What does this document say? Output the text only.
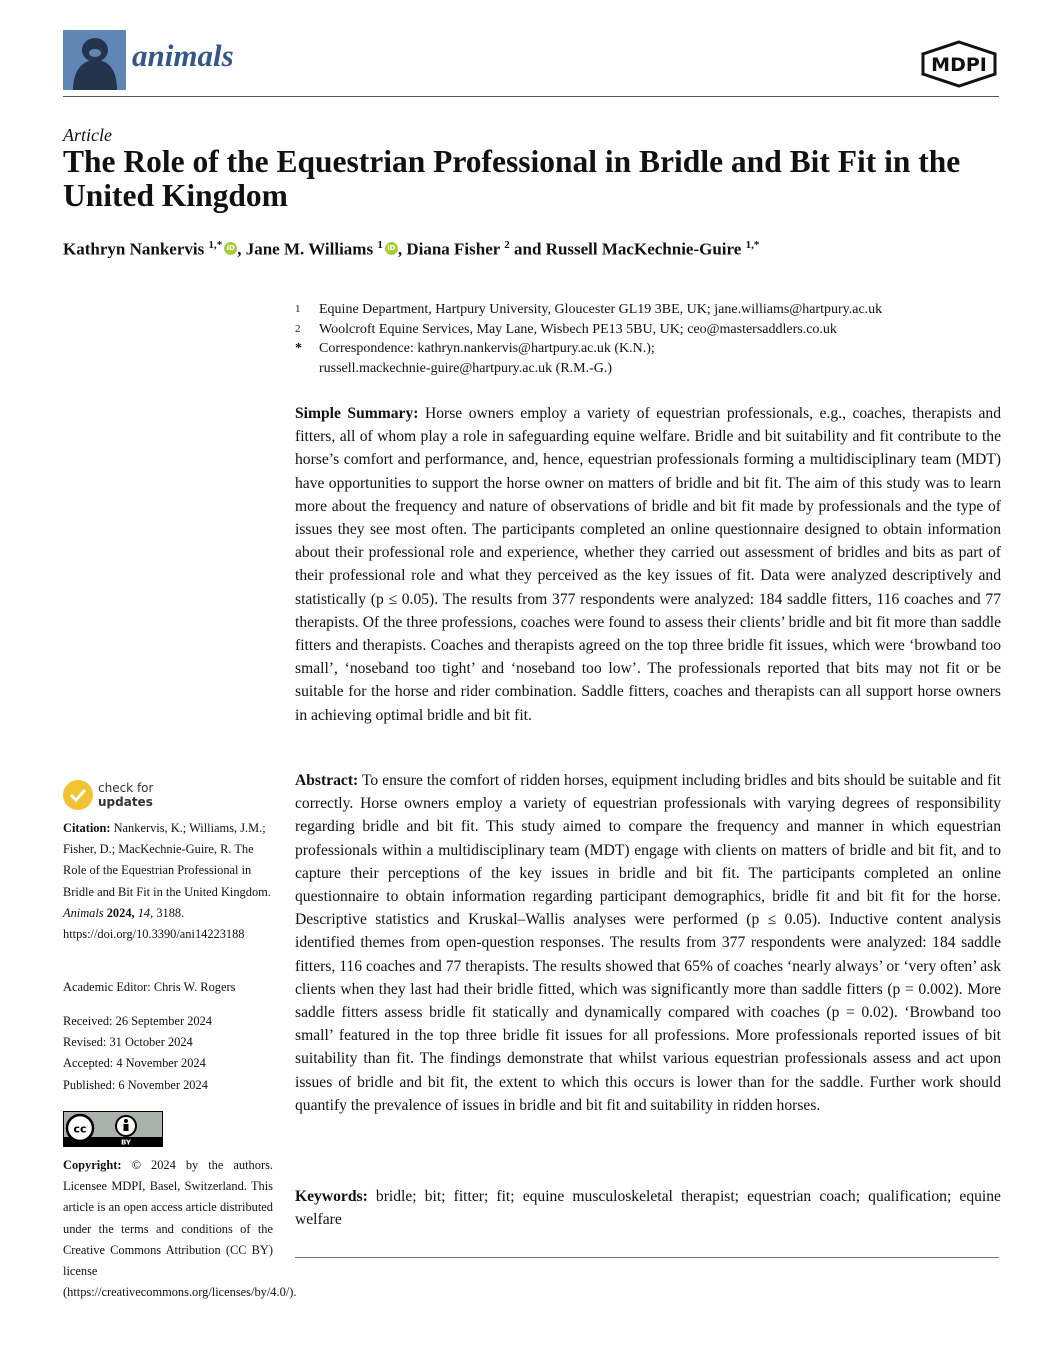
animals	MDPI
Article
The Role of the Equestrian Professional in Bridle and Bit Fit in the United Kingdom
Kathryn Nankervis $^{1,*}$ iD , Jane M. Williams $^1$ iD , Diana Fisher $^2$ and Russell MacKechnie-Guire $^{1,*}$
1	Equine Department, Hartpury University, Gloucester GL19 3BE, UK; jane.williams@hartpury.ac.uk
2	Woolcroft Equine Services, May Lane, Wisbech PE13 5BU, UK; ceo@mastersaddlers.co.uk
*	Correspondence: kathryn.nankervis@hartpury.ac.uk (K.N.);
russell.mackechnie-guire@hartpury.ac.uk (R.M.-G.)

Simple Summary: Horse owners employ a variety of equestrian professionals, e.g., coaches, therapists and fitters, all of whom play a role in safeguarding equine welfare. Bridle and bit suitability and fit contribute to the horse’s comfort and performance, and, hence, equestrian professionals forming a multidisciplinary team (MDT) have opportunities to support the horse owner on matters of bridle and bit fit. The aim of this study was to learn more about the frequency and nature of observations of bridle and bit fit made by professionals and the type of issues they see most often. The participants completed an online questionnaire designed to obtain information about their professional role and experience, whether they carried out assessment of bridles and bits as part of their professional role and what they perceived as the key issues of fit. Data were analyzed descriptively and statistically (p ≤ 0.05). The results from 377 respondents were analyzed: 184 saddle fitters, 116 coaches and 77 therapists. Of the three professions, coaches were found to assess their clients’ bridle and bit fit more than saddle fitters and therapists. Coaches and therapists agreed on the top three bridle fit issues, which were ‘browband too small’, ‘noseband too tight’ and ‘noseband too low’. The professionals reported that bits may not fit or be suitable for the horse and rider combination. Saddle fitters, coaches and therapists can all support horse owners in achieving optimal bridle and bit fit.

Abstract: To ensure the comfort of ridden horses, equipment including bridles and bits should be suitable and fit correctly. Horse owners employ a variety of equestrian professionals with varying degrees of responsibility regarding bridle and bit fit. This study aimed to compare the frequency and manner in which equestrian professionals within a multidisciplinary team (MDT) engage with clients on matters of bridle and bit fit, and to capture their perceptions of the key issues in bridle and bit fit. The participants completed an online questionnaire to obtain information regarding participant demographics, bridle fit and bit fit for the horse. Descriptive statistics and Kruskal–Wallis analyses were performed (p ≤ 0.05). Inductive content analysis identified themes from open-question responses. The results from 377 respondents were analyzed: 184 saddle fitters, 116 coaches and 77 therapists. The results showed that 65% of coaches ‘nearly always’ or ‘very often’ ask clients when they last had their bridle fitted, which was significantly more than saddle fitters (p = 0.002). More saddle fitters assess bridle fit statically and dynamically compared with coaches (p = 0.02). ‘Browband too small’ featured in the top three bridle fit issues for all professions. More professionals reported issues of bit suitability than fit. The findings demonstrate that whilst various equestrian professionals assess and act upon issues of bridle and bit fit, the extent to which this occurs is lower than for the saddle. Further work should quantify the prevalence of issues in bridle and bit fit and suitability in ridden horses.

Keywords: bridle; bit; fitter; fit; equine musculoskeletal therapist; equestrian coach; qualification; equine welfare

check for
updates
Citation: Nankervis, K.; Williams, J.M.; Fisher, D.; MacKechnie-Guire, R. The Role of the Equestrian Professional in Bridle and Bit Fit in the United Kingdom. Animals 2024, 14, 3188. https://doi.org/10.3390/ani14223188
Academic Editor: Chris W. Rogers
Received: 26 September 2024
Revised: 31 October 2024
Accepted: 4 November 2024
Published: 6 November 2024
cc
BY
Copyright: © 2024 by the authors. Licensee MDPI, Basel, Switzerland. This article is an open access article distributed under the terms and conditions of the Creative Commons Attribution (CC BY) license (https://creativecommons.org/licenses/by/4.0/).
